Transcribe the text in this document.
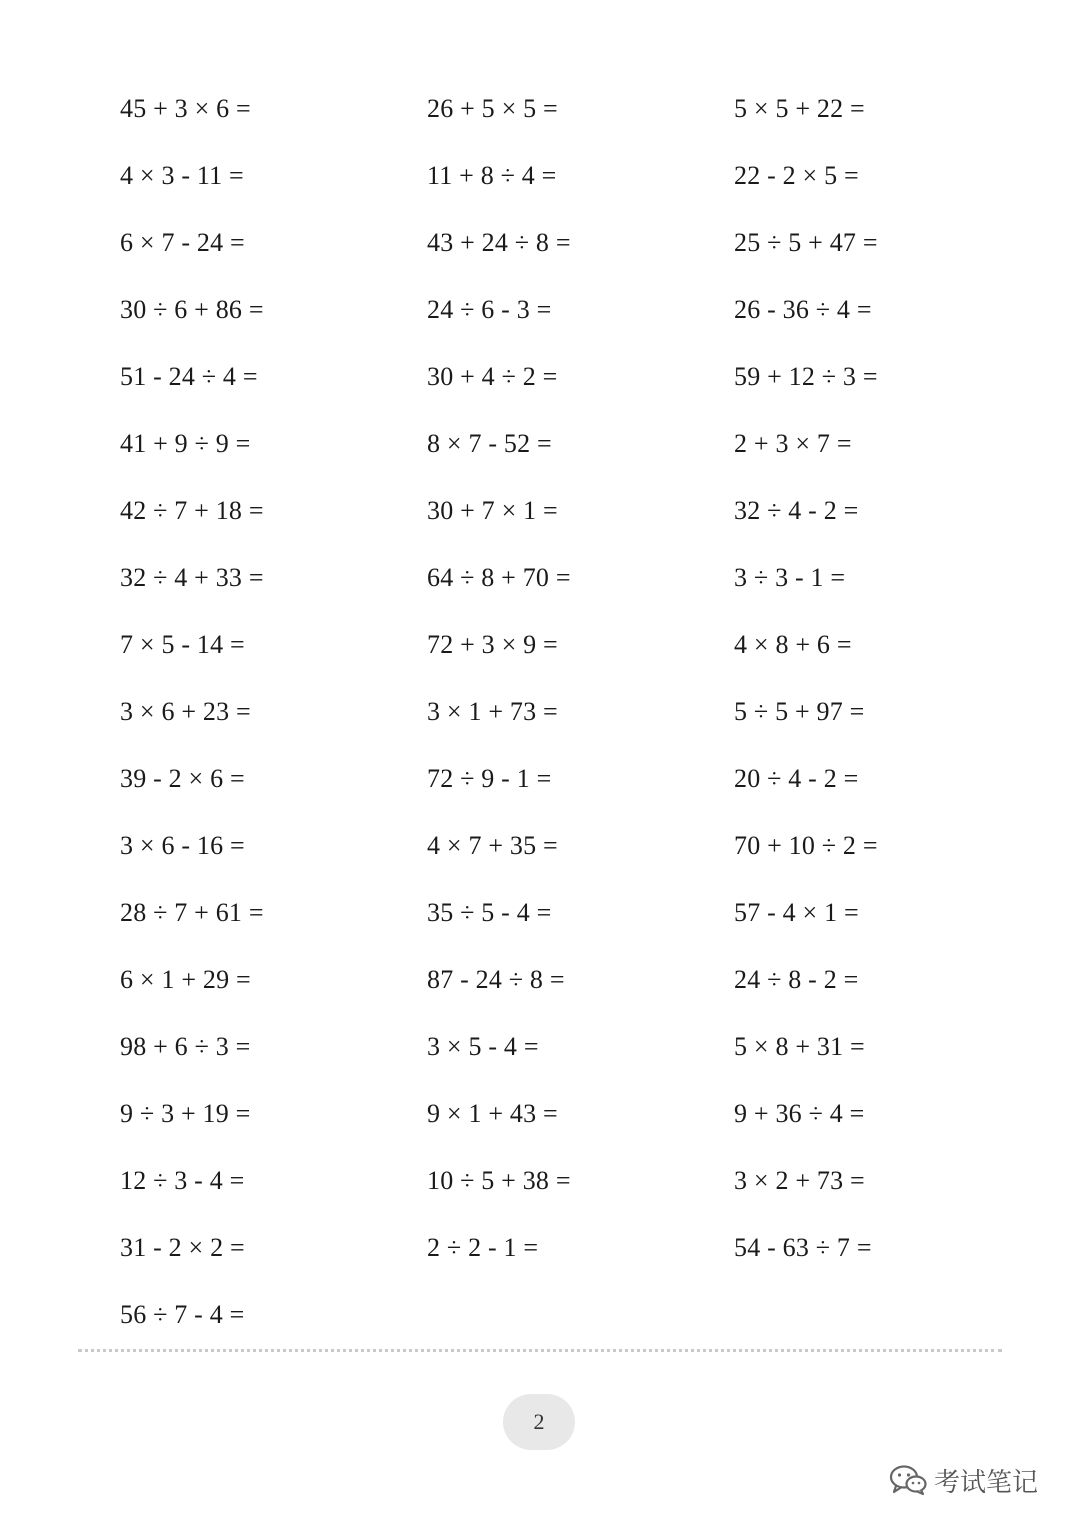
45 + 3 × 6 =
4 × 3 - 11 =
6 × 7 - 24 =
30 ÷ 6 + 86 =
51 - 24 ÷ 4 =
41 + 9 ÷ 9 =
42 ÷ 7 + 18 =
32 ÷ 4 + 33 =
7 × 5 - 14 =
3 × 6 + 23 =
39 - 2 × 6 =
3 × 6 - 16 =
28 ÷ 7 + 61 =
6 × 1 + 29 =
98 + 6 ÷ 3 =
9 ÷ 3 + 19 =
12 ÷ 3 - 4 =
31 - 2 × 2 =
56 ÷ 7 - 4 =
26 + 5 × 5 =
11 + 8 ÷ 4 =
43 + 24 ÷ 8 =
24 ÷ 6 - 3 =
30 + 4 ÷ 2 =
8 × 7 - 52 =
30 + 7 × 1 =
64 ÷ 8 + 70 =
72 + 3 × 9 =
3 × 1 + 73 =
72 ÷ 9 - 1 =
4 × 7 + 35 =
35 ÷ 5 - 4 =
87 - 24 ÷ 8 =
3 × 5 - 4 =
9 × 1 + 43 =
10 ÷ 5 + 38 =
2 ÷ 2 - 1 =
5 × 5 + 22 =
22 - 2 × 5 =
25 ÷ 5 + 47 =
26 - 36 ÷ 4 =
59 + 12 ÷ 3 =
2 + 3 × 7 =
32 ÷ 4 - 2 =
3 ÷ 3 - 1 =
4 × 8 + 6 =
5 ÷ 5 + 97 =
20 ÷ 4 - 2 =
70 + 10 ÷ 2 =
57 - 4 × 1 =
24 ÷ 8 - 2 =
5 × 8 + 31 =
9 + 36 ÷ 4 =
3 × 2 + 73 =
54 - 63 ÷ 7 =
2
考试笔记
